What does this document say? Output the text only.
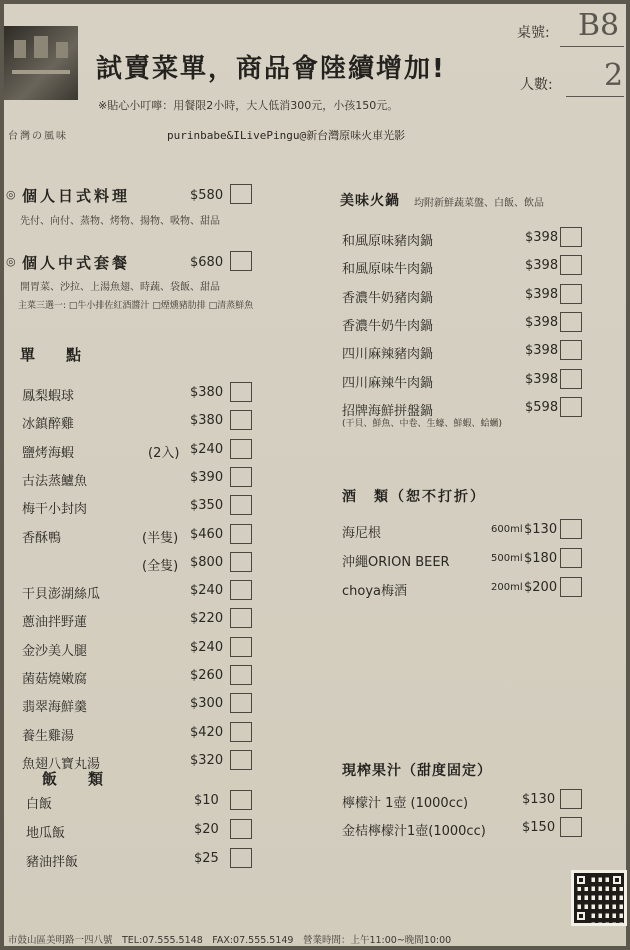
台灣の風味
試賣菜單，商品會陸續增加!
※貼心小叮嚀：用餐限2小時，大人低消300元，小孩150元。
purinbabe&ILivePingu@新台灣原味火車光影
桌號: B8
人數: 2
◎ 個人日式料理	$580
先付、向付、蒸物、烤物、揚物、吸物、甜品
◎ 個人中式套餐	$680
開胃菜、沙拉、上湯魚翅、時蔬、袋飯、甜品
主菜三選一: □牛小排佐紅酒醬汁 □煙燻豬肋排 □清蒸鮮魚
單　點
鳳梨蝦球	$380
冰鎮醉雞	$380
鹽烤海蝦	(2入) $240
古法蒸鱸魚	$390
梅干小封肉	$350
香酥鴨	(半隻) $460
(全隻) $800
干貝澎湖絲瓜	$240
蔥油拌野蓮	$220
金沙美人腿	$240
菌菇燒嫩腐	$260
翡翠海鮮羹	$300
養生雞湯	$420
魚翅八寶丸湯	$320
飯　類
白飯	$10
地瓜飯	$20
豬油拌飯	$25
美味火鍋 均附新鮮蔬菜盤、白飯、飲品
和風原味豬肉鍋	$398
和風原味牛肉鍋	$398
香濃牛奶豬肉鍋	$398
香濃牛奶牛肉鍋	$398
四川麻辣豬肉鍋	$398
四川麻辣牛肉鍋	$398
招牌海鮮拼盤鍋	$598
(干貝、鮮魚、中卷、生蠔、鮮蝦、蛤蠣)
酒　類（恕不打折）
海尼根	600ml $130
沖繩ORION BEER	500ml $180
choya梅酒	200ml $200
現榨果汁（甜度固定）
檸檬汁 1壺 (1000cc)	$130
金桔檸檬汁1壺(1000cc)	$150
市鼓山區美明路一四八號　TEL:07.555.5148　FAX:07.555.5149　營業時間：上午11:00~晚間10:00
